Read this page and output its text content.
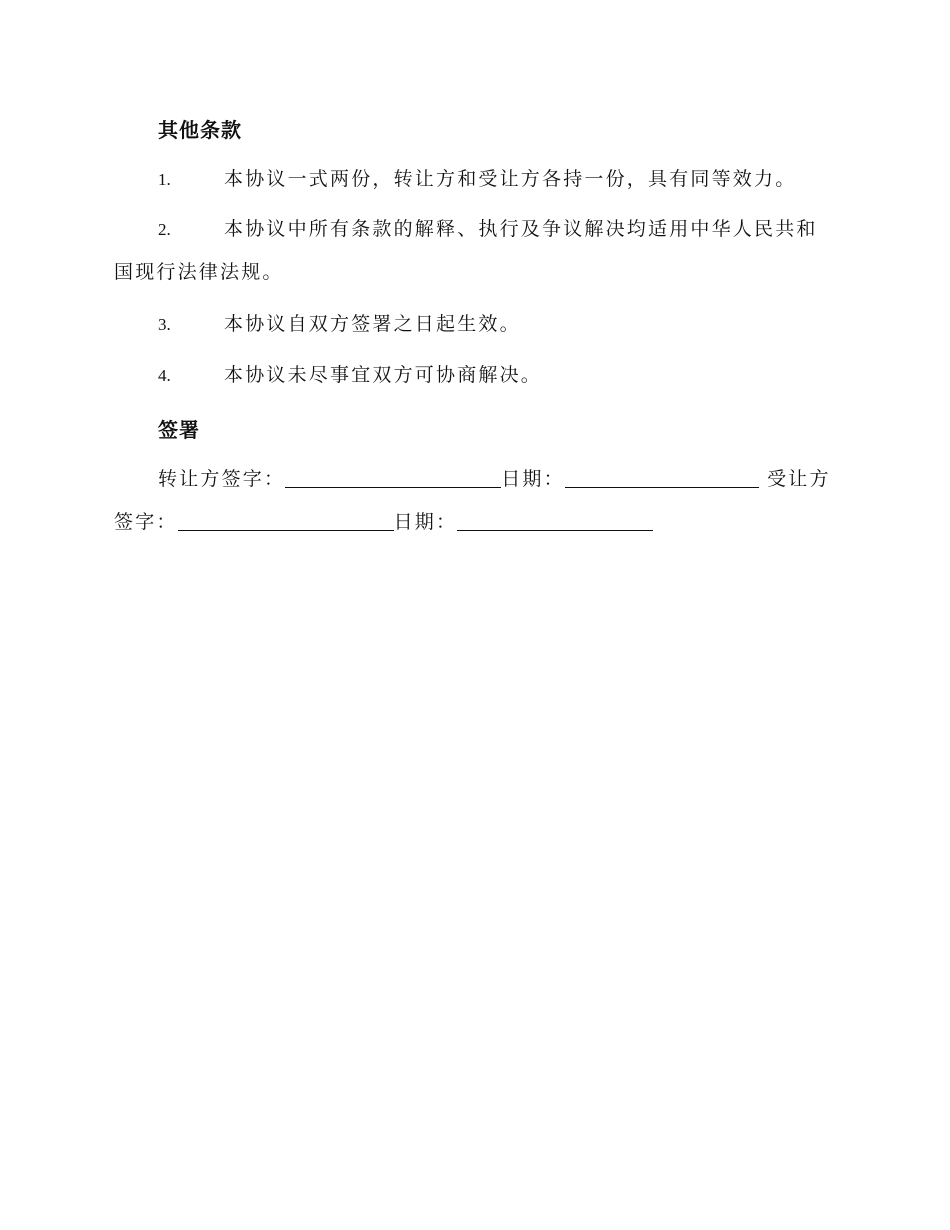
其他条款
1.	本协议一式两份，转让方和受让方各持一份，具有同等效力。
2.	本协议中所有条款的解释、执行及争议解决均适用中华人民共和国现行法律法规。
3.	本协议自双方签署之日起生效。
4.	本协议未尽事宜双方可协商解决。
签署
转让方签字：	日期：	受让方
签字：	日期：
